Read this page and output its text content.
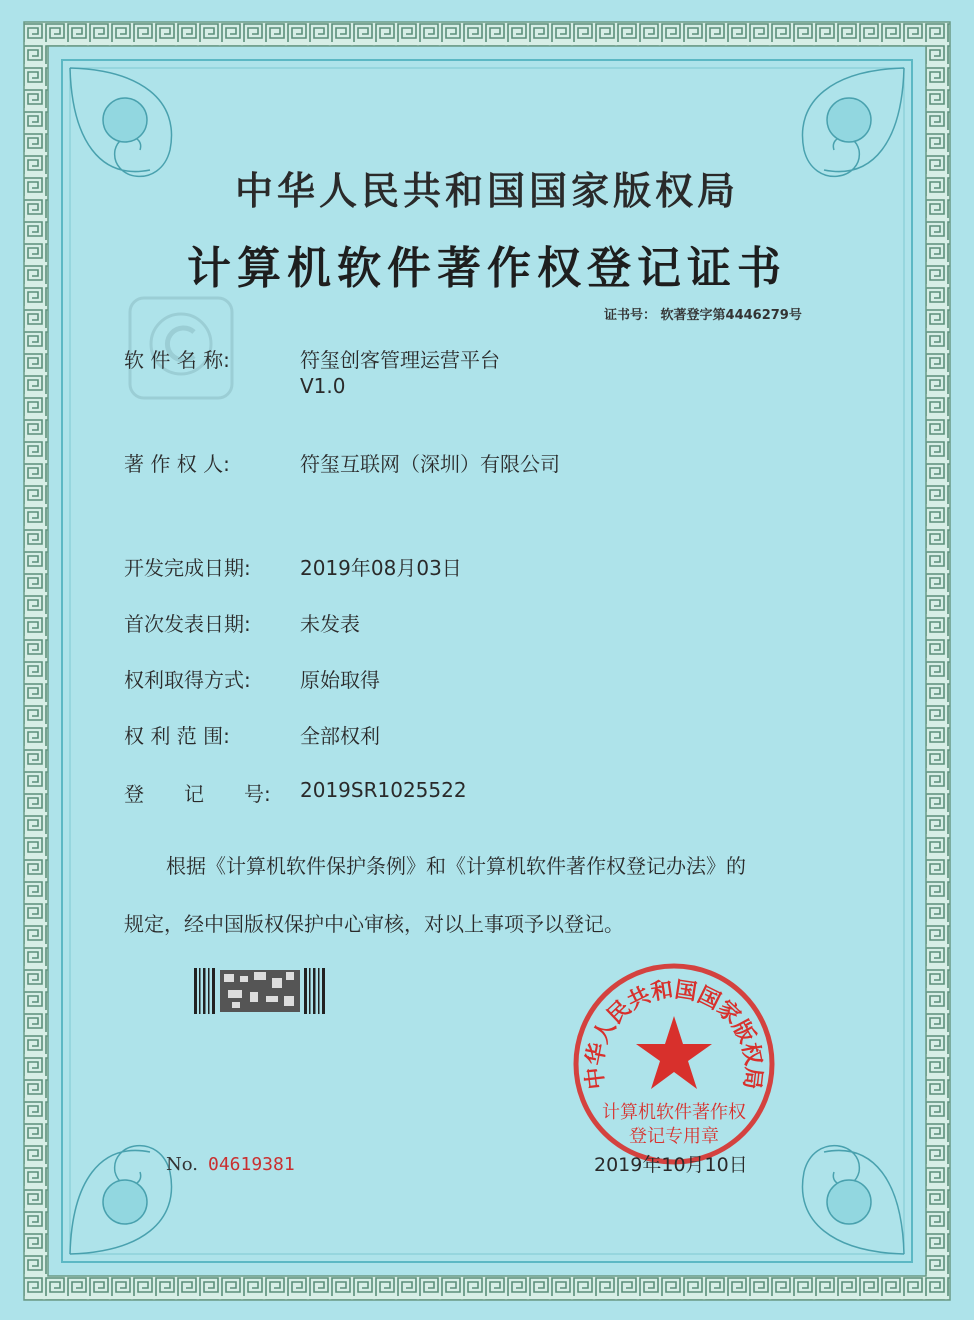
中华人民共和国国家版权局
计算机软件著作权登记证书
证书号： 软著登字第4446279号
软 件 名 称:	符玺创客管理运营平台
V1.0
著 作 权 人:	符玺互联网（深圳）有限公司
开发完成日期: 2019年08月03日
首次发表日期: 未发表
权利取得方式: 原始取得
权 利 范 围:	全部权利
登　　记　　号: 2019SR1025522
根据《计算机软件保护条例》和《计算机软件著作权登记办法》的
规定，经中国版权保护中心审核，对以上事项予以登记。
中华人民共和国国家版权局
计算机软件著作权
登记专用章
No. 04619381	2019年10月10日
